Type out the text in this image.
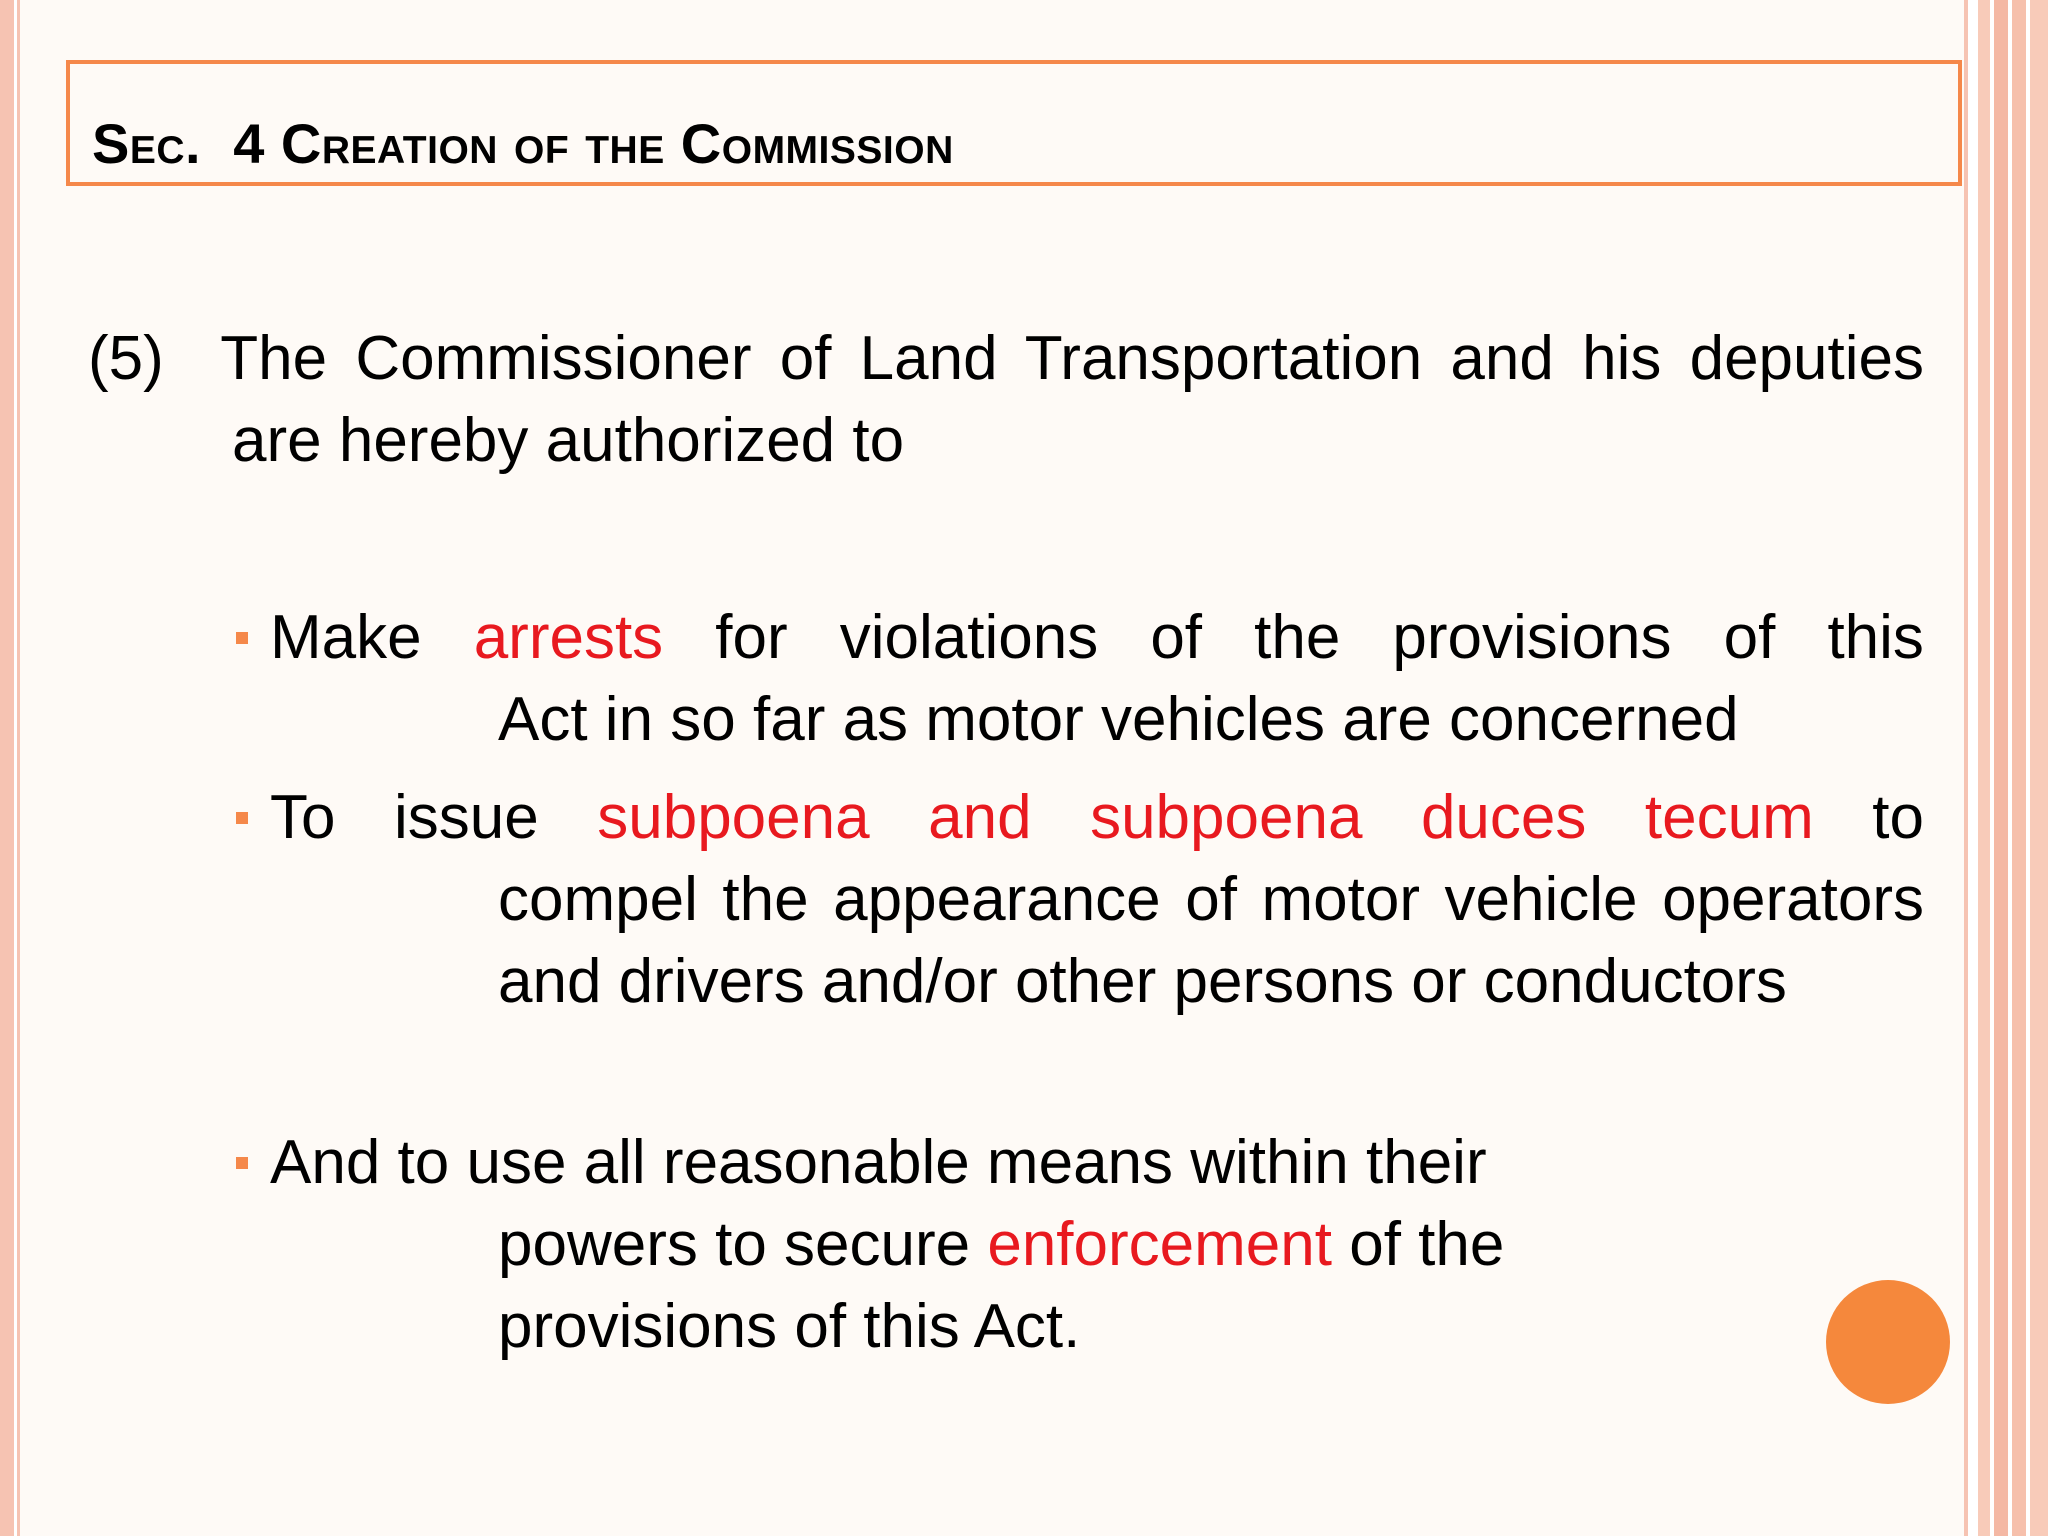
Sec.  4 Creation of the Commission
(5) The Commissioner of Land Transportation and his deputies are hereby authorized to
Make arrests for violations of the provisions of this
Act in so far as motor vehicles are concerned
To issue subpoena and subpoena duces tecum to
compel the appearance of motor vehicle operators and drivers and/or other persons or conductors
And to use all reasonable means within their
powers to secure enforcement of the
provisions of this Act.
